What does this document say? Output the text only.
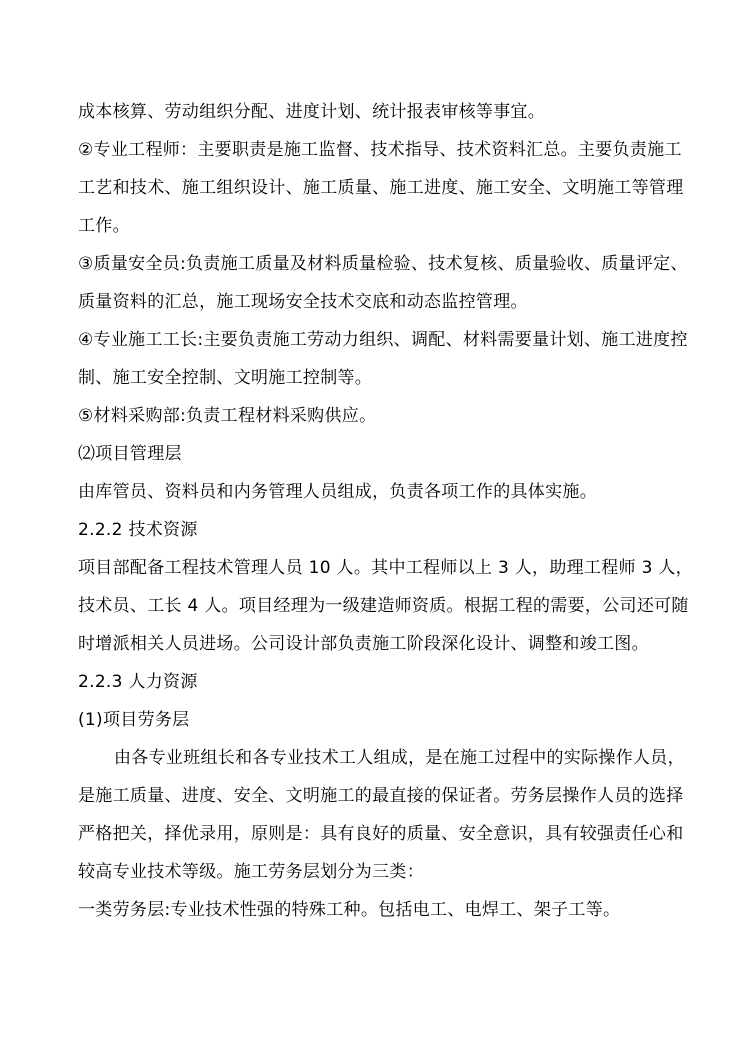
成本核算、劳动组织分配、进度计划、统计报表审核等事宜。
②专业工程师：主要职责是施工监督、技术指导、技术资料汇总。主要负责施工
工艺和技术、施工组织设计、施工质量、施工进度、施工安全、文明施工等管理
工作。
③质量安全员:负责施工质量及材料质量检验、技术复核、质量验收、质量评定、
质量资料的汇总，施工现场安全技术交底和动态监控管理。
④专业施工工长:主要负责施工劳动力组织、调配、材料需要量计划、施工进度控
制、施工安全控制、文明施工控制等。
⑤材料采购部:负责工程材料采购供应。
⑵项目管理层
由库管员、资料员和内务管理人员组成，负责各项工作的具体实施。
2.2.2 技术资源
项目部配备工程技术管理人员 10 人。其中工程师以上 3 人，助理工程师 3 人，
技术员、工长 4 人。项目经理为一级建造师资质。根据工程的需要，公司还可随
时增派相关人员进场。公司设计部负责施工阶段深化设计、调整和竣工图。
2.2.3 人力资源
(1)项目劳务层
由各专业班组长和各专业技术工人组成，是在施工过程中的实际操作人员，
是施工质量、进度、安全、文明施工的最直接的保证者。劳务层操作人员的选择
严格把关，择优录用，原则是：具有良好的质量、安全意识，具有较强责任心和
较高专业技术等级。施工劳务层划分为三类：
一类劳务层:专业技术性强的特殊工种。包括电工、电焊工、架子工等。
